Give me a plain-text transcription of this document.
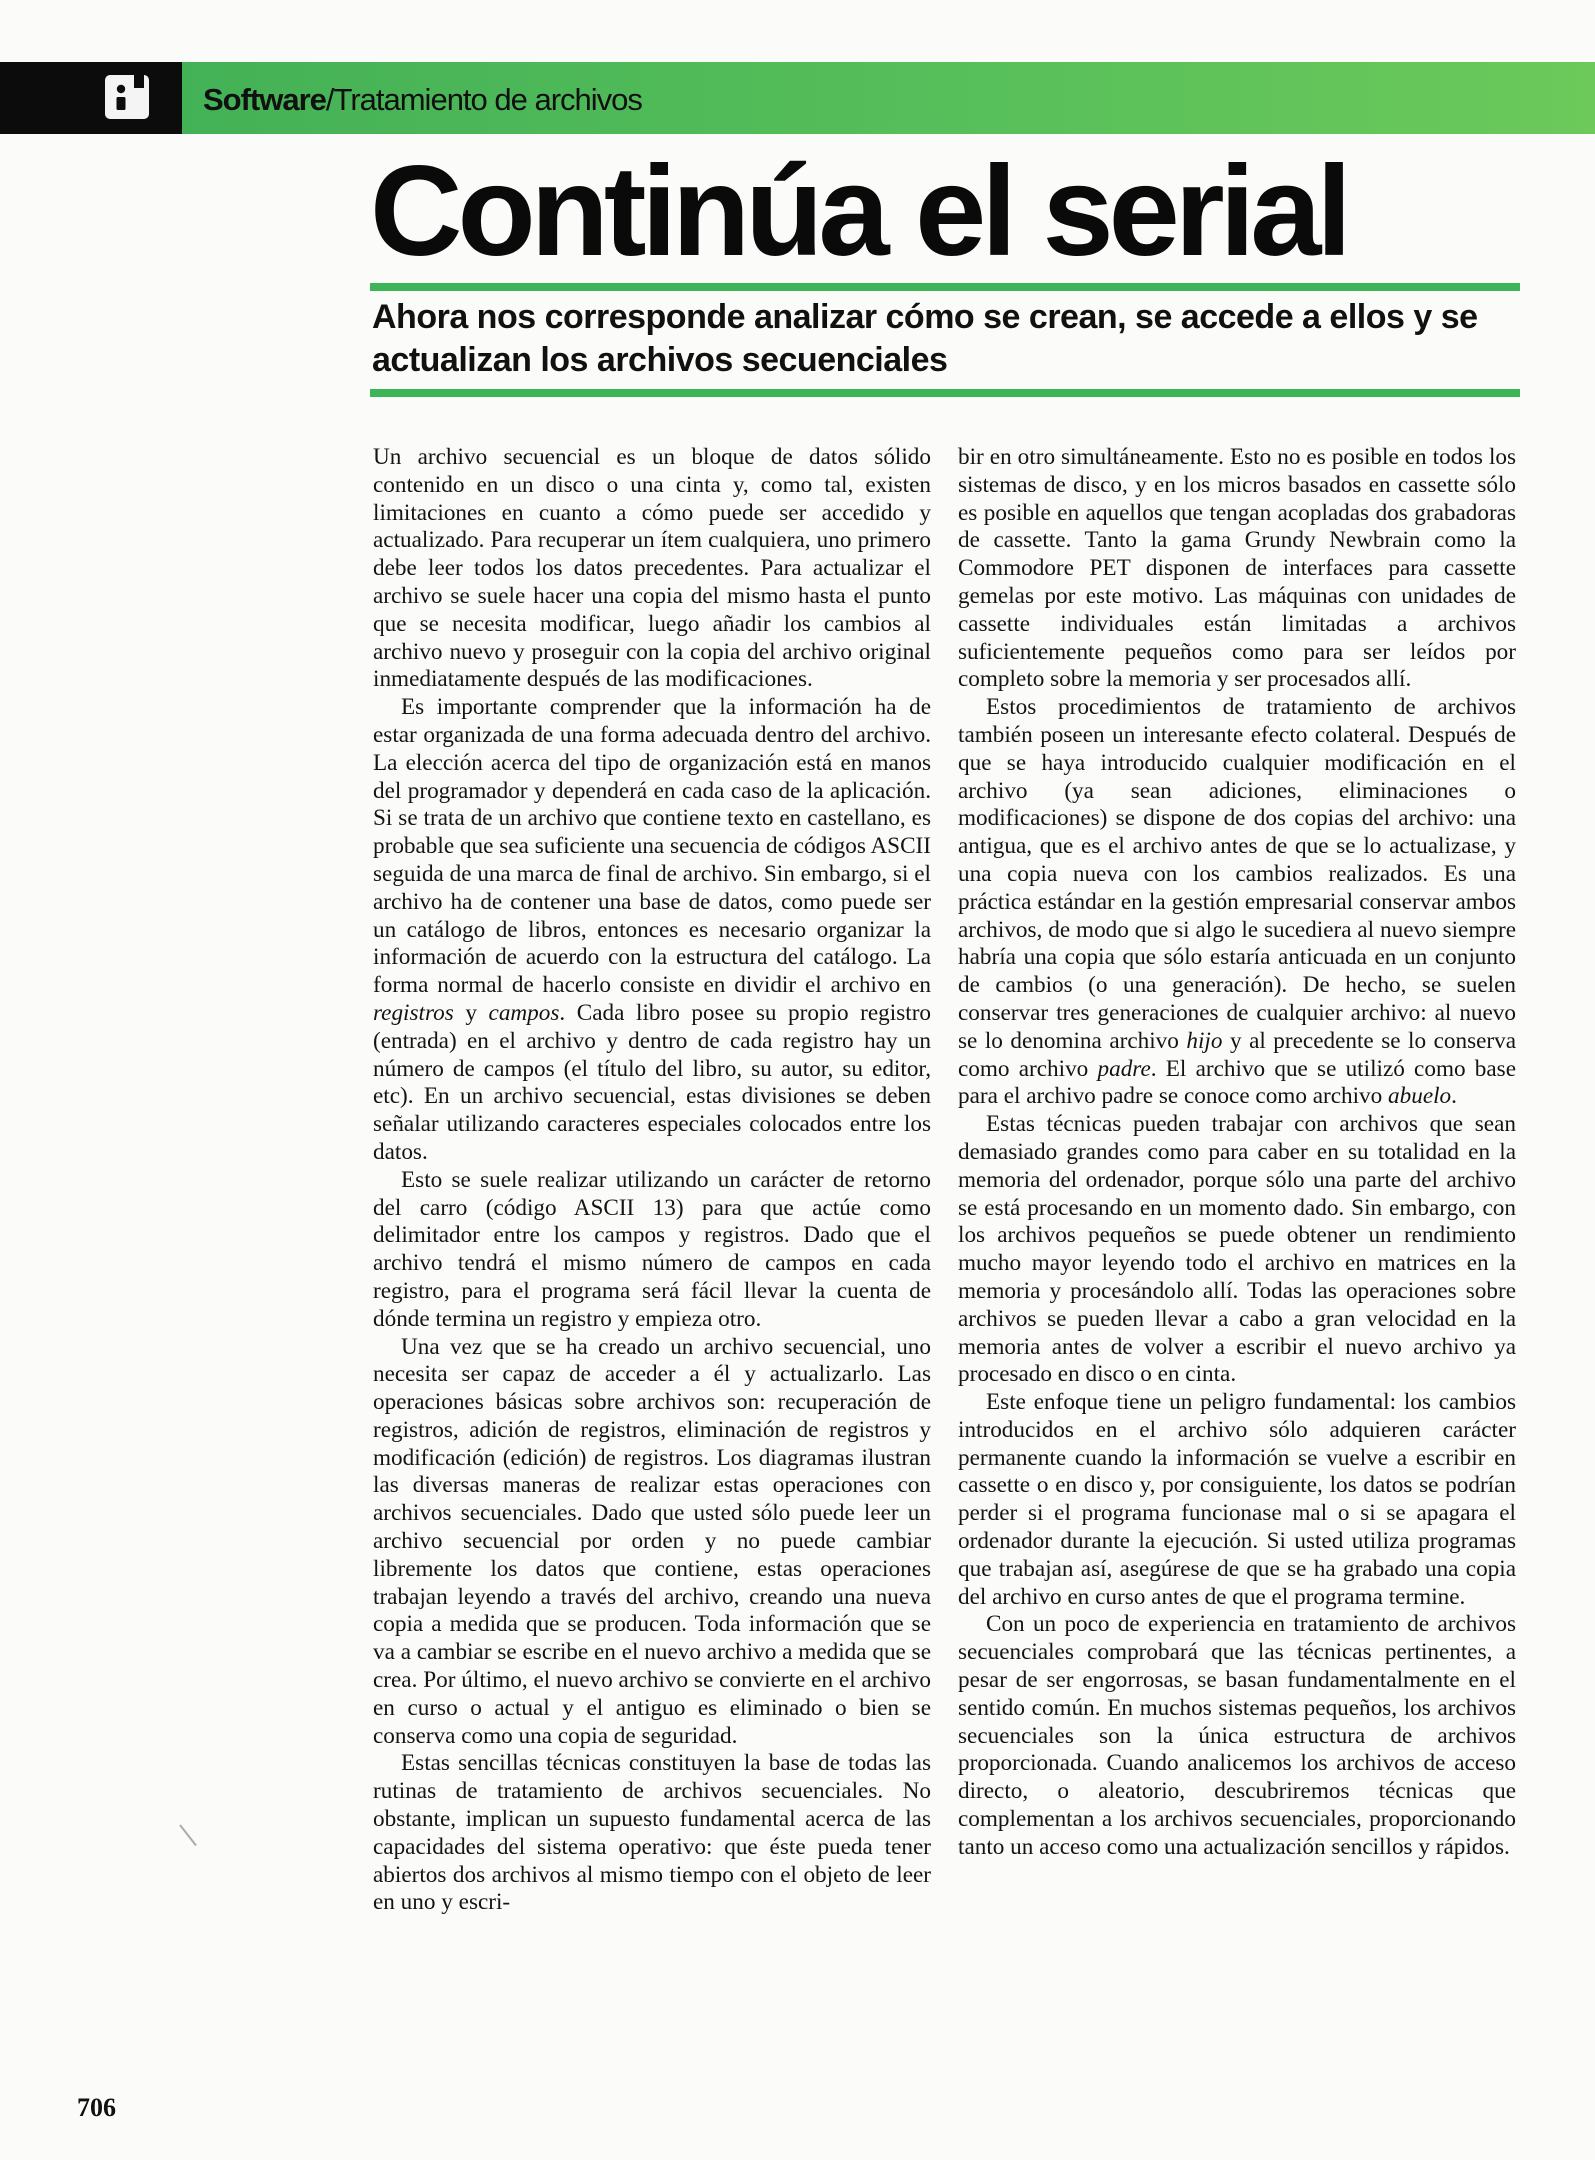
Software/Tratamiento de archivos
Continúa el serial
Ahora nos corresponde analizar cómo se crean, se accede a ellos y se actualizan los archivos secuenciales

Un archivo secuencial es un bloque de datos sólido contenido en un disco o una cinta y, como tal, existen limitaciones en cuanto a cómo puede ser accedido y actualizado. Para recuperar un ítem cualquiera, uno primero debe leer todos los datos precedentes. Para actualizar el archivo se suele hacer una copia del mismo hasta el punto que se necesita modificar, luego añadir los cambios al archivo nuevo y proseguir con la copia del archivo original inmediatamente después de las modificaciones.

Es importante comprender que la información ha de estar organizada de una forma adecuada dentro del archivo. La elección acerca del tipo de organización está en manos del programador y dependerá en cada caso de la aplicación. Si se trata de un archivo que contiene texto en castellano, es probable que sea suficiente una secuencia de códigos ASCII seguida de una marca de final de archivo. Sin embargo, si el archivo ha de contener una base de datos, como puede ser un catálogo de libros, entonces es necesario organizar la información de acuerdo con la estructura del catálogo. La forma normal de hacerlo consiste en dividir el archivo en registros y campos. Cada libro posee su propio registro (entrada) en el archivo y dentro de cada registro hay un número de campos (el título del libro, su autor, su editor, etc). En un archivo secuencial, estas divisiones se deben señalar utilizando caracteres especiales colocados entre los datos.

Esto se suele realizar utilizando un carácter de retorno del carro (código ASCII 13) para que actúe como delimitador entre los campos y registros. Dado que el archivo tendrá el mismo número de campos en cada registro, para el programa será fácil llevar la cuenta de dónde termina un registro y empieza otro.

Una vez que se ha creado un archivo secuencial, uno necesita ser capaz de acceder a él y actualizarlo. Las operaciones básicas sobre archivos son: recuperación de registros, adición de registros, eliminación de registros y modificación (edición) de registros. Los diagramas ilustran las diversas maneras de realizar estas operaciones con archivos secuenciales. Dado que usted sólo puede leer un archivo secuencial por orden y no puede cambiar libremente los datos que contiene, estas operaciones trabajan leyendo a través del archivo, creando una nueva copia a medida que se producen. Toda información que se va a cambiar se escribe en el nuevo archivo a medida que se crea. Por último, el nuevo archivo se convierte en el archivo en curso o actual y el antiguo es eliminado o bien se conserva como una copia de seguridad.

Estas sencillas técnicas constituyen la base de todas las rutinas de tratamiento de archivos secuenciales. No obstante, implican un supuesto fundamental acerca de las capacidades del sistema operativo: que éste pueda tener abiertos dos archivos al mismo tiempo con el objeto de leer en uno y escri-

bir en otro simultáneamente. Esto no es posible en todos los sistemas de disco, y en los micros basados en cassette sólo es posible en aquellos que tengan acopladas dos grabadoras de cassette. Tanto la gama Grundy Newbrain como la Commodore PET disponen de interfaces para cassette gemelas por este motivo. Las máquinas con unidades de cassette individuales están limitadas a archivos suficientemente pequeños como para ser leídos por completo sobre la memoria y ser procesados allí.

Estos procedimientos de tratamiento de archivos también poseen un interesante efecto colateral. Después de que se haya introducido cualquier modificación en el archivo (ya sean adiciones, eliminaciones o modificaciones) se dispone de dos copias del archivo: una antigua, que es el archivo antes de que se lo actualizase, y una copia nueva con los cambios realizados. Es una práctica estándar en la gestión empresarial conservar ambos archivos, de modo que si algo le sucediera al nuevo siempre habría una copia que sólo estaría anticuada en un conjunto de cambios (o una generación). De hecho, se suelen conservar tres generaciones de cualquier archivo: al nuevo se lo denomina archivo hijo y al precedente se lo conserva como archivo padre. El archivo que se utilizó como base para el archivo padre se conoce como archivo abuelo.

Estas técnicas pueden trabajar con archivos que sean demasiado grandes como para caber en su totalidad en la memoria del ordenador, porque sólo una parte del archivo se está procesando en un momento dado. Sin embargo, con los archivos pequeños se puede obtener un rendimiento mucho mayor leyendo todo el archivo en matrices en la memoria y procesándolo allí. Todas las operaciones sobre archivos se pueden llevar a cabo a gran velocidad en la memoria antes de volver a escribir el nuevo archivo ya procesado en disco o en cinta.

Este enfoque tiene un peligro fundamental: los cambios introducidos en el archivo sólo adquieren carácter permanente cuando la información se vuelve a escribir en cassette o en disco y, por consiguiente, los datos se podrían perder si el programa funcionase mal o si se apagara el ordenador durante la ejecución. Si usted utiliza programas que trabajan así, asegúrese de que se ha grabado una copia del archivo en curso antes de que el programa termine.

Con un poco de experiencia en tratamiento de archivos secuenciales comprobará que las técnicas pertinentes, a pesar de ser engorrosas, se basan fundamentalmente en el sentido común. En muchos sistemas pequeños, los archivos secuenciales son la única estructura de archivos proporcionada. Cuando analicemos los archivos de acceso directo, o aleatorio, descubriremos técnicas que complementan a los archivos secuenciales, proporcionando tanto un acceso como una actualización sencillos y rápidos.

706
